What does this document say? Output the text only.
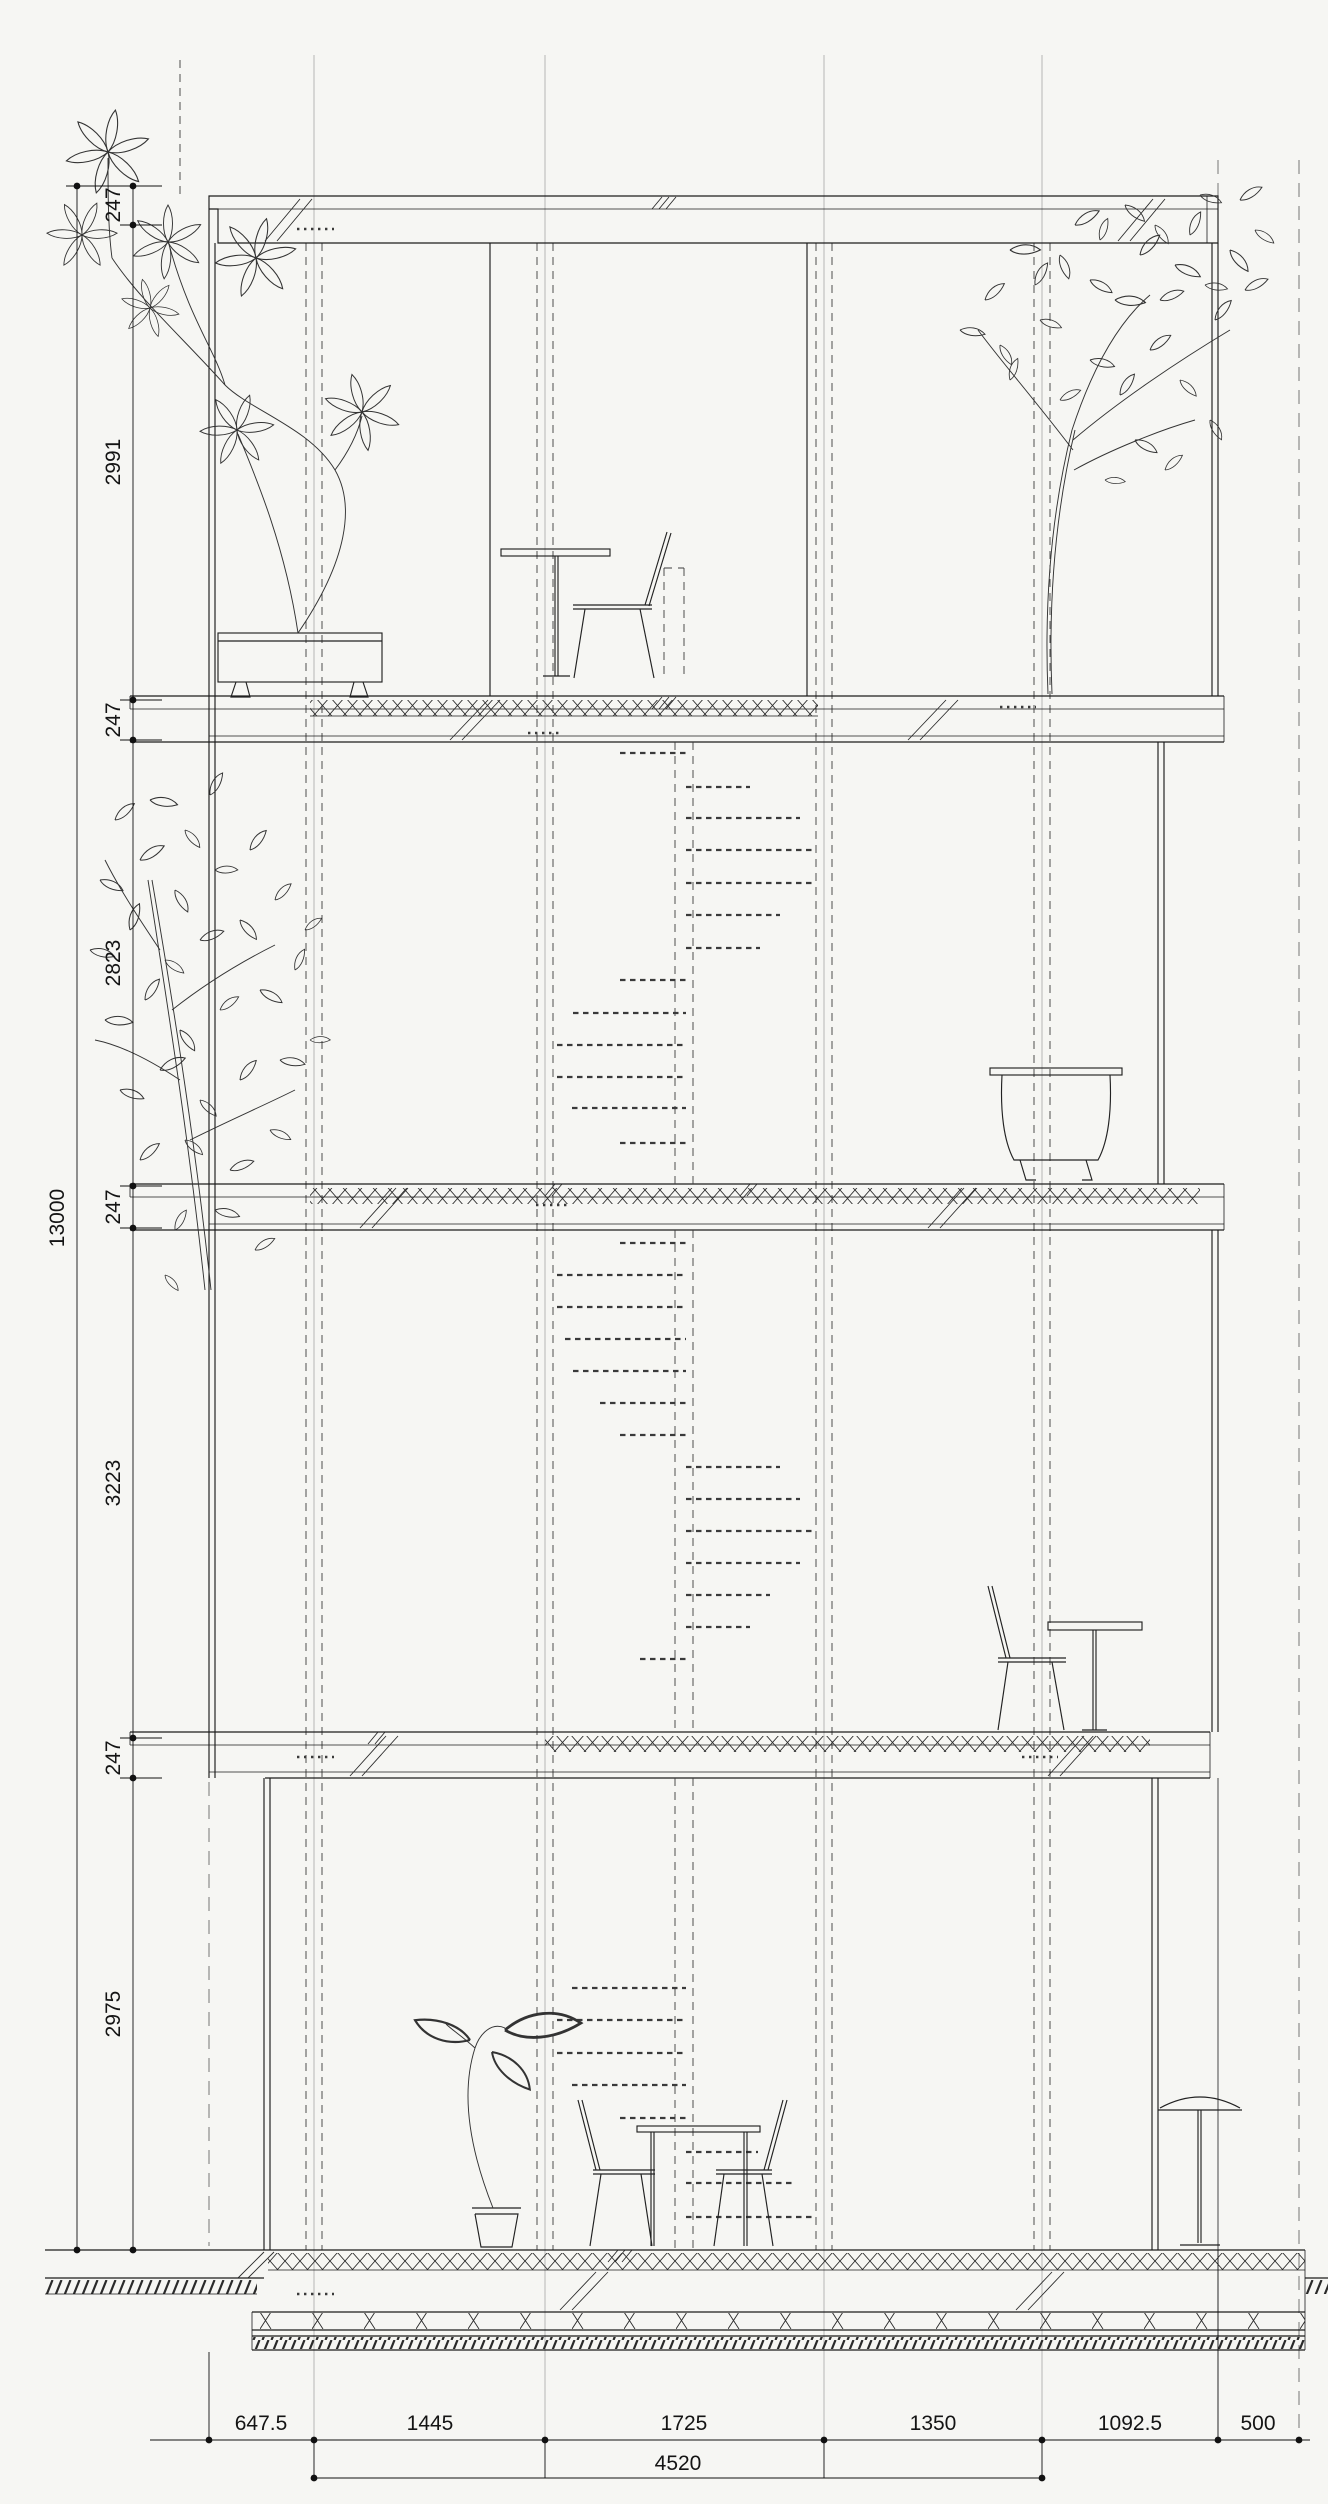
13000
247
2991
247
2823
247
3223
247
2975
647.5	1445	1725	1350	1092.5	500
4520
